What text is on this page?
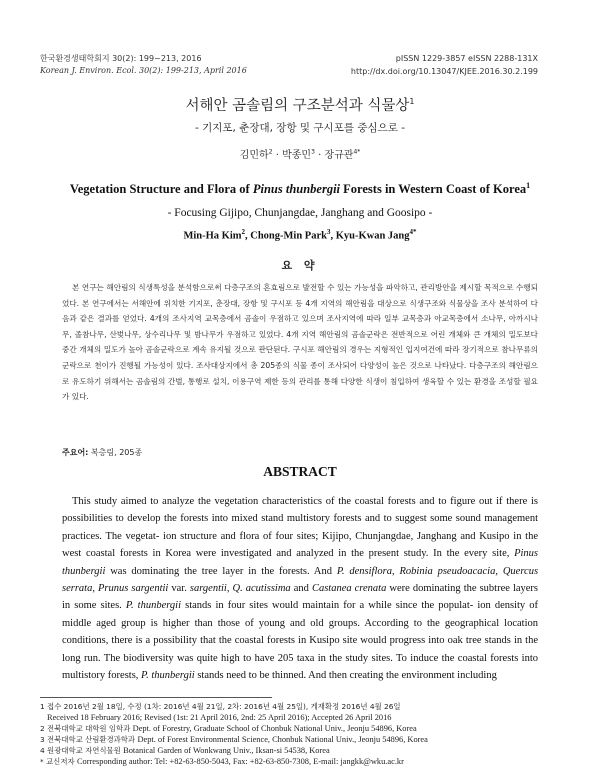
한국환경생태학회지 30(2): 199~213, 2016
Korean J. Environ. Ecol. 30(2): 199-213, April 2016
pISSN 1229-3857 eISSN 2288-131X
http://dx.doi.org/10.13047/KJEE.2016.30.2.199
서해안 곰솔림의 구조분석과 식물상$^1$
- 기지포, 춘장대, 장항 및 구시포를 중심으로 -
김민하$^2$ · 박종민$^3$ · 장규관$^{4*}$
Vegetation Structure and Flora of Pinus thunbergii Forests in Western Coast of Korea$^1$
- Focusing Gijipo, Chunjangdae, Janghang and Goosipo -
Min-Ha Kim$^2$, Chong-Min Park$^3$, Kyu-Kwan Jang$^{4*}$
요 약
본 연구는 해안림의 식생특성을 분석함으로써 다층구조의 혼효림으로 발전할 수 있는 가능성을 파악하고, 관리방안을 제시할 목적으로 수행되었다. 본 연구에서는 서해안에 위치한 기지포, 춘장대, 장항 및 구시포 등 4개 지역의 해안림을 대상으로 식생구조와 식물상을 조사 분석하여 다음과 같은 결과를 얻었다. 4개의 조사지역 교목층에서 곰솔이 우점하고 있으며 조사지역에 따라 일부 교목층과 아교목층에서 소나무, 아까시나무, 졸참나무, 산벚나무, 상수리나무 및 밤나무가 우점하고 있었다. 4개 지역 해안림의 곰솔군락은 전반적으로 어린 개체와 큰 개체의 밀도보다 중간 개체의 밀도가 높아 곰솔군락으로 계속 유지될 것으로 판단된다. 구시포 해안림의 경우는 지형적인 입지여건에 따라 장기적으로 참나무류의 군락으로 천이가 진행될 가능성이 있다. 조사대상지에서 총 205종의 식물 종이 조사되어 다양성이 높은 것으로 나타났다. 다층구조의 해안림으로 유도하기 위해서는 곰솔림의 간벌, 통행로 설치, 이용구역 제한 등의 관리를 통해 다양한 식생이 침입하여 생육할 수 있는 환경을 조성할 필요가 있다.
주요어: 복층림, 205종
ABSTRACT
This study aimed to analyze the vegetation characteristics of the coastal forests and to figure out if there is possibilities to develop the forests into mixed stand multistory forests and to suggest some sound management practices. The vegetat- ion structure and flora of four sites; Kijipo, Chunjangdae, Janghang and Kusipo in the west coastal forests in Korea were investigated and analyzed in the present study. In the every site, Pinus thunbergii was dominating the tree layer in the forests. And P. densiflora, Robinia pseudoacacia, Quercus serrata, Prunus sargentii var. sargentii, Q. acutissima and Castanea crenata were dominating the subtree layers in some sites. P. thunbergii stands in four sites would maintain for a while since the populat- ion density of middle aged group is higher than those of young and old groups. According to the geographical location conditions, there is a possibility that the coastal forests in Kusipo site would progress into oak tree stands in the long run. The biodiversity was quite high to have 205 taxa in the study sites. To induce the coastal forests into multistory forests, P. thunbergii stands need to be thinned. And then creating the environment including
1 접수 2016년 2월 18일, 수정 (1차: 2016년 4월 21일, 2차: 2016년 4월 25일), 게재확정 2016년 4월 26일
Received 18 February 2016; Revised (1st: 21 April 2016, 2nd: 25 April 2016); Accepted 26 April 2016
2 전북대학교 대학원 임학과 Dept. of Forestry, Graduate School of Chonbuk National Univ., Jeonju 54896, Korea
3 전북대학교 산림환경과학과 Dept. of Forest Environmental Science, Chonbuk National Univ., Jeonju 54896, Korea
4 원광대학교 자연식물원 Botanical Garden of Wonkwang Univ., Iksan-si 54538, Korea
* 교신저자 Corresponding author: Tel: +82-63-850-5043, Fax: +82-63-850-7308, E-mail: jangkk@wku.ac.kr
